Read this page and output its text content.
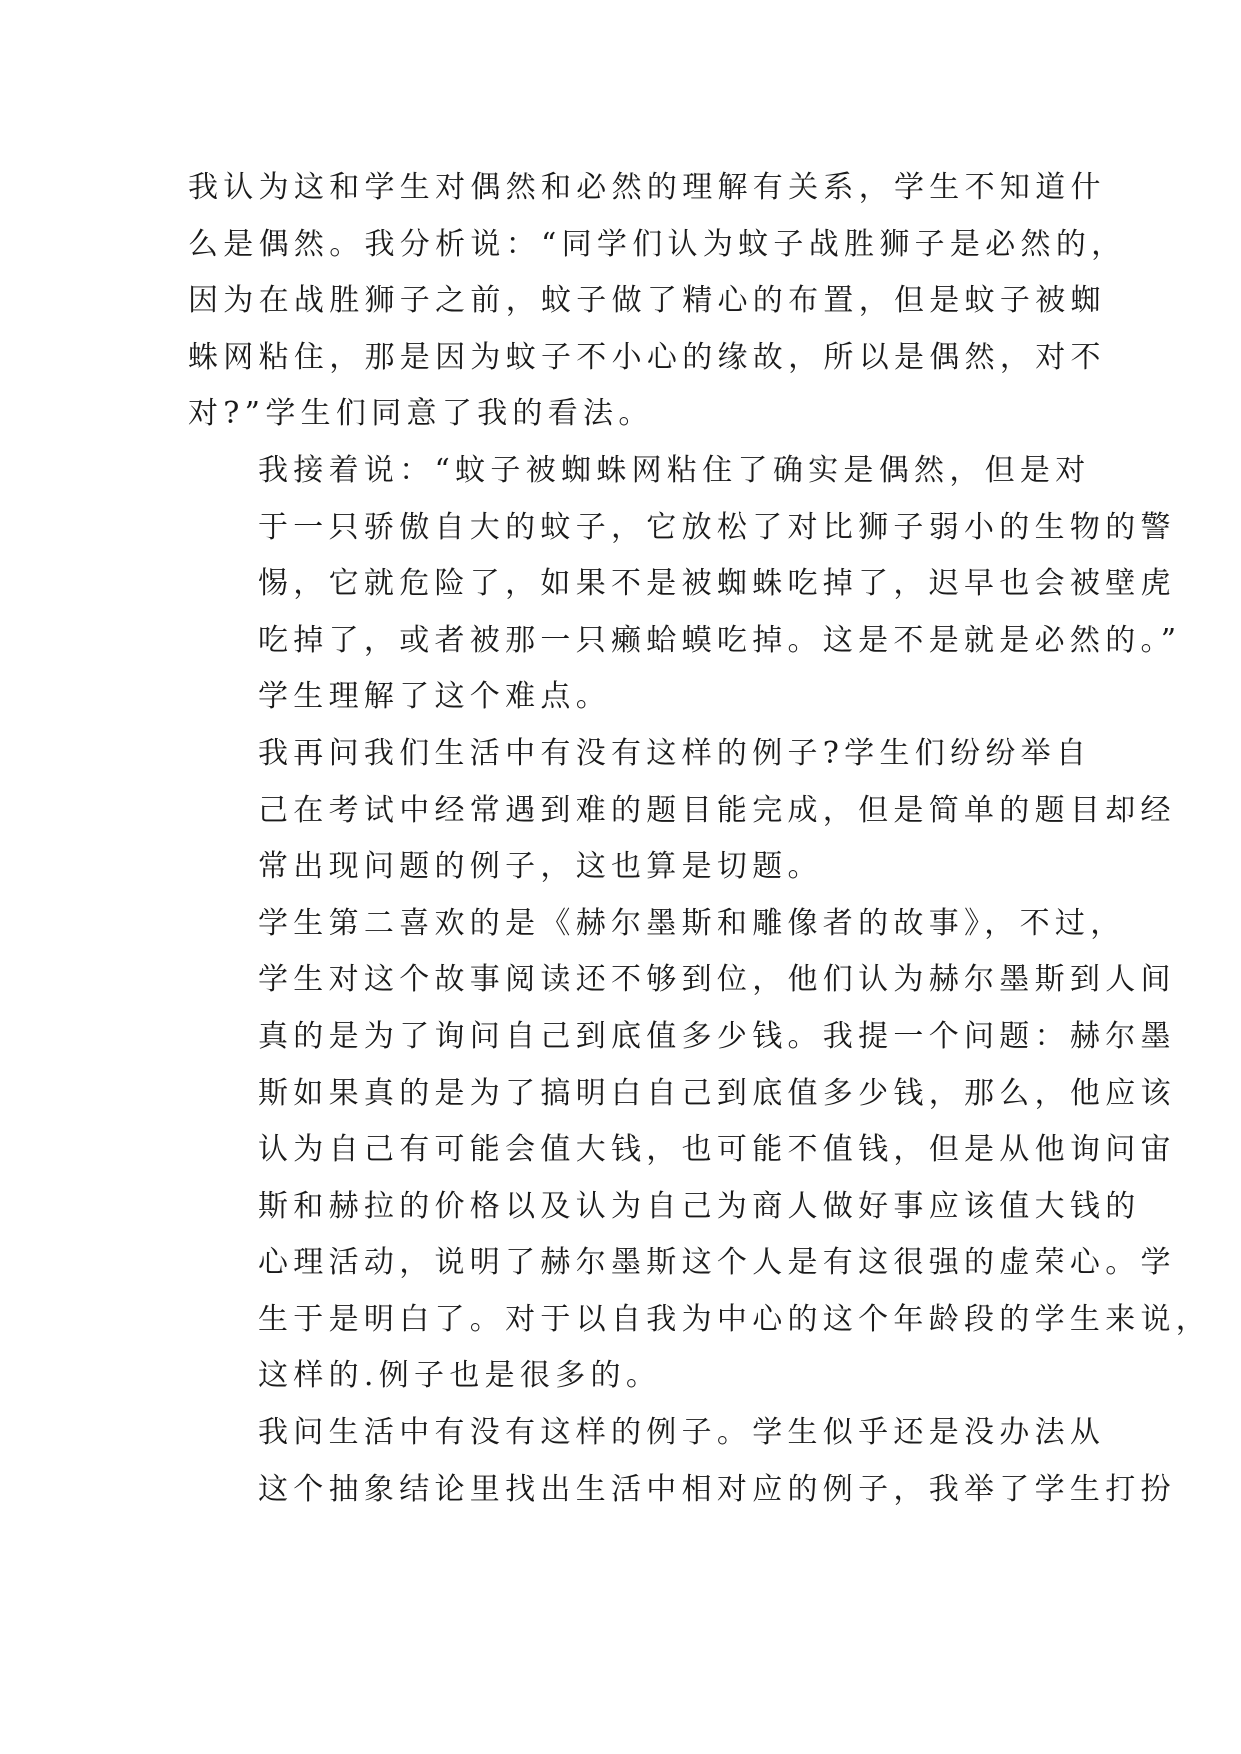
我认为这和学生对偶然和必然的理解有关系，学生不知道什
么是偶然。我分析说：“同学们认为蚊子战胜狮子是必然的，
因为在战胜狮子之前，蚊子做了精心的布置，但是蚊子被蜘
蛛网粘住，那是因为蚊子不小心的缘故，所以是偶然，对不
对?”学生们同意了我的看法。

我接着说：“蚊子被蜘蛛网粘住了确实是偶然，但是对
于一只骄傲自大的蚊子，它放松了对比狮子弱小的生物的警
惕，它就危险了，如果不是被蜘蛛吃掉了，迟早也会被壁虎
吃掉了，或者被那一只癞蛤蟆吃掉。这是不是就是必然的。”
学生理解了这个难点。

我再问我们生活中有没有这样的例子?学生们纷纷举自
己在考试中经常遇到难的题目能完成，但是简单的题目却经
常出现问题的例子，这也算是切题。

学生第二喜欢的是《赫尔墨斯和雕像者的故事》，不过，
学生对这个故事阅读还不够到位，他们认为赫尔墨斯到人间
真的是为了询问自己到底值多少钱。我提一个问题：赫尔墨
斯如果真的是为了搞明白自己到底值多少钱，那么，他应该
认为自己有可能会值大钱，也可能不值钱，但是从他询问宙
斯和赫拉的价格以及认为自己为商人做好事应该值大钱的
心理活动，说明了赫尔墨斯这个人是有这很强的虚荣心。学
生于是明白了。对于以自我为中心的这个年龄段的学生来说，
这样的.例子也是很多的。

我问生活中有没有这样的例子。学生似乎还是没办法从
这个抽象结论里找出生活中相对应的例子，我举了学生打扮
